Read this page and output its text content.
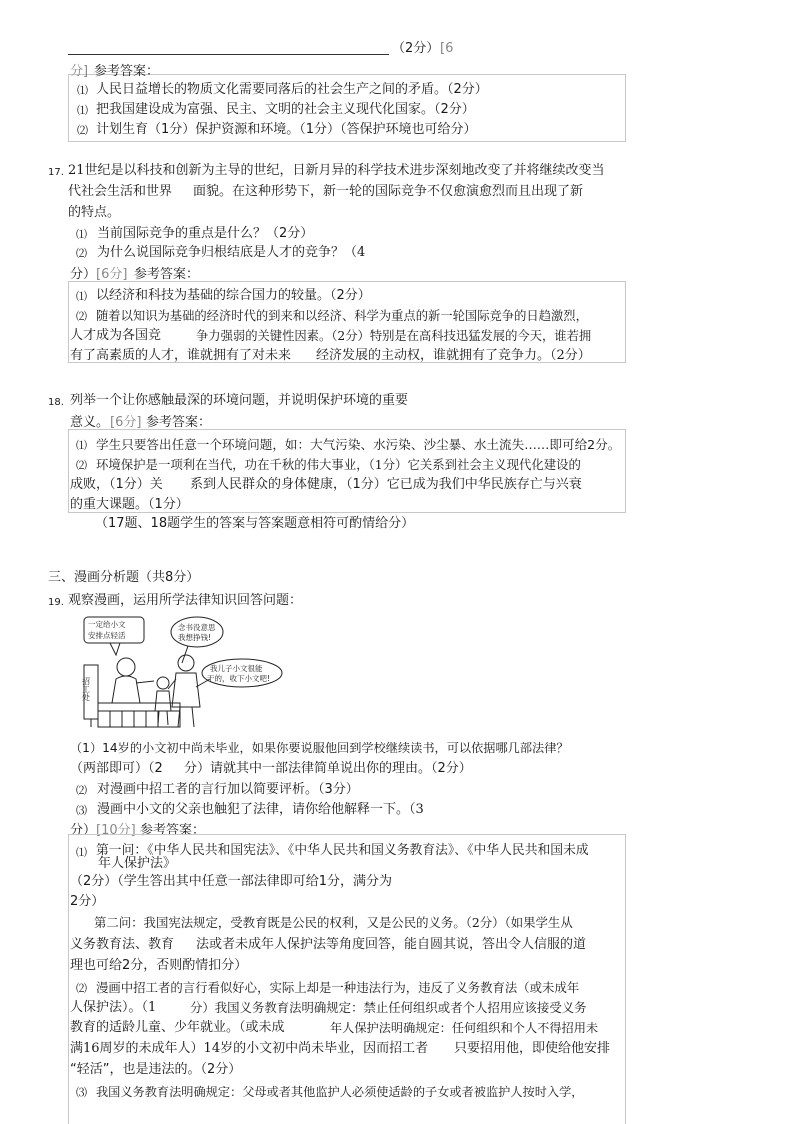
（2分） [6
分] 参考答案：
⑴ 人民日益增长的物质文化需要同落后的社会生产之间的矛盾。（2分）
⑴ 把我国建设成为富强、民主、文明的社会主义现代化国家。（2分）
⑵ 计划生育（1分）保护资源和环境。（1分）（答保护环境也可给分）
17. 21世纪是以科技和创新为主导的世纪，日新月异的科学技术进步深刻地改变了并将继续改变当
代社会生活和世界 面貌。在这种形势下，新一轮的国际竞争不仅愈演愈烈而且出现了新
的特点。
⑴ 当前国际竞争的重点是什么？（2分）
⑵ 为什么说国际竞争归根结底是人才的竞争？（4
分） [6分] 参考答案：
⑴ 以经济和科技为基础的综合国力的较量。（2分）
⑵ 随着以知识为基础的经济时代的到来和以经济、科学为重点的新一轮国际竞争的日趋激烈，
人才成为各国竞	争力强弱的关键性因素。（2分）特别是在高科技迅猛发展的今天，谁若拥
有了高素质的人才，谁就拥有了对未来 经济发展的主动权，谁就拥有了竞争力。（2分）
18. 列举一个让你感触最深的环境问题，并说明保护环境的重要
意义。 [6分] 参考答案：
⑴ 学生只要答出任意一个环境问题，如：大气污染、水污染、沙尘暴、水土流失……即可给2分。
⑵ 环境保护是一项利在当代，功在千秋的伟大事业，（1分）它关系到社会主义现代化建设的
成败，（1分）关 系到人民群众的身体健康，（1分）它已成为我们中华民族存亡与兴衰
的重大课题。（1分）
（17题、18题学生的答案与答案题意相符可酌情给分）
三、漫画分析题（共8分）
19. 观察漫画，运用所学法律知识回答问题：
一定给小文
安排点轻活
念书没意思
我想挣钱!
我儿子小文很能
干的，收下小文吧!
招工处
（1）14岁的小文初中尚未毕业，如果你要说服他回到学校继续读书，可以依据哪几部法律？
（两部即可）（2 分）请就其中一部法律简单说出你的理由。（2分）
⑵ 对漫画中招工者的言行加以简要评析。（3分）
⑶ 漫画中小文的父亲也触犯了法律，请你给他解释一下。（3
分） [10分] 参考答案：
⑴ 第一问：《中华人民共和国宪法》、《中华人民共和国义务教育法》、《中华人民共和国未成
年人保护法》
（2分）（学生答出其中任意一部法律即可给1分，满分为
2分）
第二问：我国宪法规定，受教育既是公民的权利，又是公民的义务。（2分）（如果学生从
义务教育法、教育 法或者未成年人保护法等角度回答，能自圆其说，答出令人信服的道
理也可给2分，否则酌情扣分）
⑵ 漫画中招工者的言行看似好心，实际上却是一种违法行为，违反了义务教育法（或未成年
人保护法）。（1	分）我国义务教育法明确规定：禁止任何组织或者个人招用应该接受义务
教育的适龄儿童、少年就业。（或未成	年人保护法明确规定：任何组织和个人不得招用未
满16周岁的未成年人）14岁的小文初中尚未毕业，因而招工者 只要招用他，即使给他安排
“轻活”，也是违法的。（2分）
⑶ 我国义务教育法明确规定：父母或者其他监护人必须使适龄的子女或者被监护人按时入学，
